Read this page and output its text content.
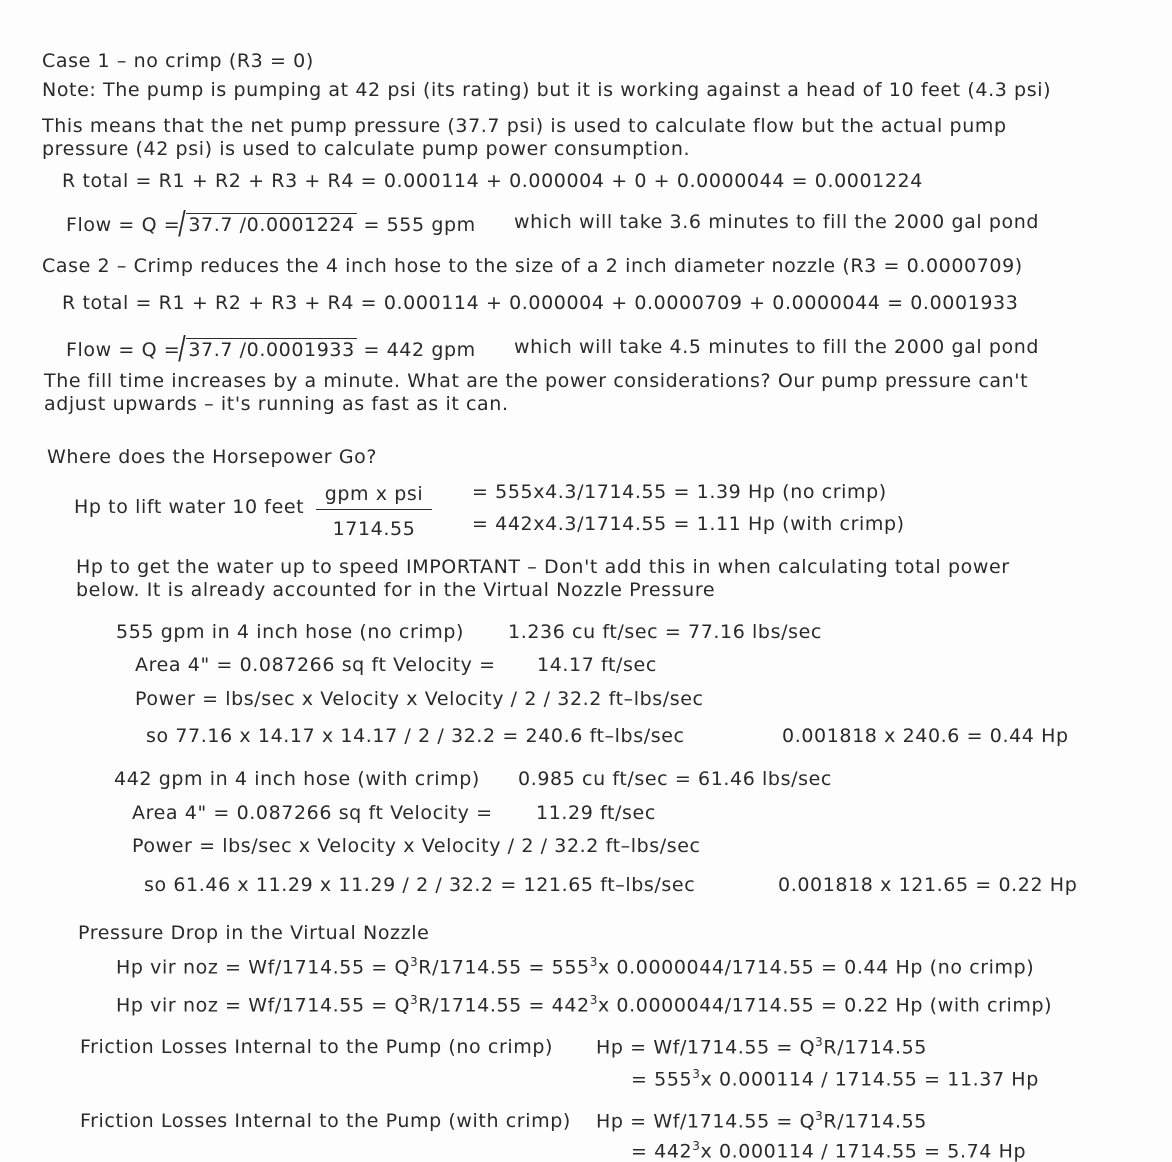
Case 1 – no crimp (R3 = 0)
Note: The pump is pumping at 42 psi (its rating) but it is working against a head of 10 feet (4.3 psi)
This means that the net pump pressure (37.7 psi) is used to calculate flow but the actual pump
pressure (42 psi) is used to calculate pump power consumption.
R total = R1 + R2 + R3 + R4 = 0.000114 + 0.000004 + 0 + 0.0000044 = 0.0001224
Flow = Q =/ 37.7 /0.0001224 = 555 gpm which will take 3.6 minutes to fill the 2000 gal pond
Case 2 – Crimp reduces the 4 inch hose to the size of a 2 inch diameter nozzle (R3 = 0.0000709)
R total = R1 + R2 + R3 + R4 = 0.000114 + 0.000004 + 0.0000709 + 0.0000044 = 0.0001933
Flow = Q =/ 37.7 /0.0001933 = 442 gpm which will take 4.5 minutes to fill the 2000 gal pond
The fill time increases by a minute. What are the power considerations? Our pump pressure can't
adjust upwards – it's running as fast as it can.
Where does the Horsepower Go?
Hp to lift water 10 feet
gpm x psi
1714.55
= 555x4.3/1714.55 = 1.39 Hp (no crimp)
= 442x4.3/1714.55 = 1.11 Hp (with crimp)
Hp to get the water up to speed IMPORTANT – Don't add this in when calculating total power
below. It is already accounted for in the Virtual Nozzle Pressure
555 gpm in 4 inch hose (no crimp) 1.236 cu ft/sec = 77.16 lbs/sec
Area 4" = 0.087266 sq ft Velocity = 14.17 ft/sec
Power = lbs/sec x Velocity x Velocity / 2 / 32.2 ft–lbs/sec
so 77.16 x 14.17 x 14.17 / 2 / 32.2 = 240.6 ft–lbs/sec	0.001818 x 240.6 = 0.44 Hp
442 gpm in 4 inch hose (with crimp) 0.985 cu ft/sec = 61.46 lbs/sec
Area 4" = 0.087266 sq ft Velocity = 11.29 ft/sec
Power = lbs/sec x Velocity x Velocity / 2 / 32.2 ft–lbs/sec
so 61.46 x 11.29 x 11.29 / 2 / 32.2 = 121.65 ft–lbs/sec	0.001818 x 121.65 = 0.22 Hp
Pressure Drop in the Virtual Nozzle
Hp vir noz = $Wf/1714.55 = Q^3R/1714.55 = 555^3x$ 0.0000044/1714.55 = 0.44 Hp (no crimp)
Hp vir noz = $Wf/1714.55 = Q^3R/1714.55 = 442^3x$ 0.0000044/1714.55 = 0.22 Hp (with crimp)
Friction Losses Internal to the Pump (no crimp) $Hp = Wf/1714.55 = Q^3R/1714.55$
= $555^3x$ 0.000114 / 1714.55 = 11.37 Hp
Friction Losses Internal to the Pump (with crimp) $Hp = Wf/1714.55 = Q^3R/1714.55$
= $442^3x$ 0.000114 / 1714.55 = 5.74 Hp
